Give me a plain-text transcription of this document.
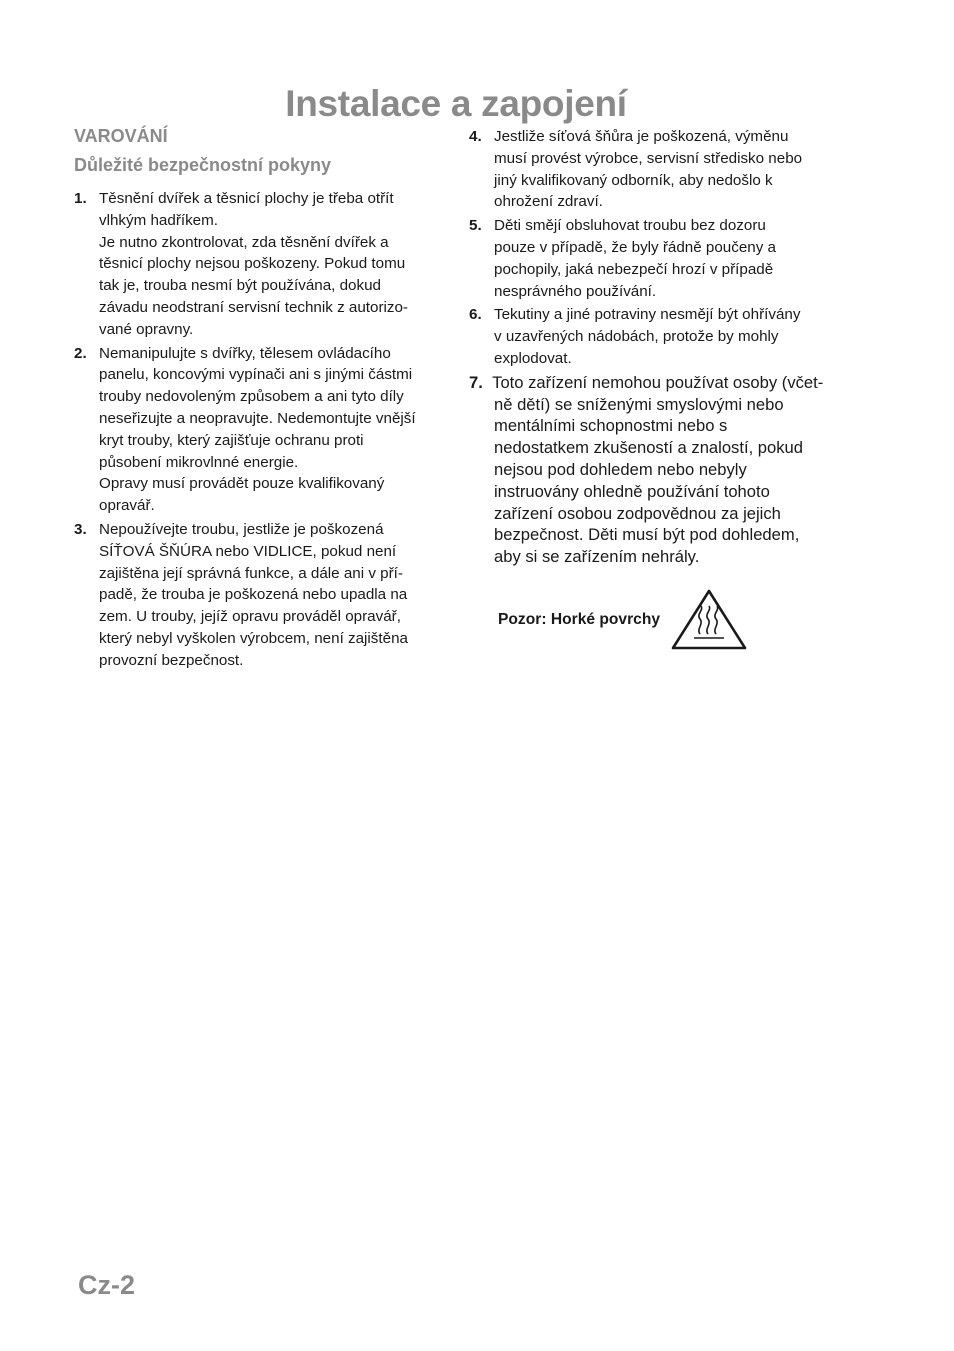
Instalace a zapojení
VAROVÁNÍ
Důležité bezpečnostní pokyny
1. Těsnění dvířek a těsnicí plochy je třeba otřít
vlhkým hadříkem.
Je nutno zkontrolovat, zda těsnění dvířek a
těsnicí plochy nejsou poškozeny. Pokud tomu
tak je, trouba nesmí být používána, dokud
závadu neodstraní servisní technik z autorizo-
vané opravny.
2. Nemanipulujte s dvířky, tělesem ovládacího
panelu, koncovými vypínači ani s jinými částmi
trouby nedovoleným způsobem a ani tyto díly
neseřizujte a neopravujte. Nedemontujte vnější
kryt trouby, který zajišťuje ochranu proti
působení mikrovlnné energie.
Opravy musí provádět pouze kvalifikovaný
opravář.
3. Nepoužívejte troubu, jestliže je poškozená
SÍŤOVÁ ŠŇÚRA nebo VIDLICE, pokud není
zajištěna její správná funkce, a dále ani v pří-
padě, že trouba je poškozená nebo upadla na
zem. U trouby, jejíž opravu prováděl opravář,
který nebyl vyškolen výrobcem, není zajištěna
provozní bezpečnost.
4. Jestliže síťová šňůra je poškozená, výměnu
musí provést výrobce, servisní středisko nebo
jiný kvalifikovaný odborník, aby nedošlo k
ohrožení zdraví.
5. Děti smějí obsluhovat troubu bez dozoru
pouze v případě, že byly řádně poučeny a
pochopily, jaká nebezpečí hrozí v případě
nesprávného používání.
6. Tekutiny a jiné potraviny nesmějí být ohřívány
v uzavřených nádobách, protože by mohly
explodovat.
7. Toto zařízení nemohou používat osoby (včet-
ně dětí) se sníženými smyslovými nebo
mentálními schopnostmi nebo s
nedostatkem zkušeností a znalostí, pokud
nejsou pod dohledem nebo nebyly
instruovány ohledně používání tohoto
zařízení osobou zodpovědnou za jejich
bezpečnost. Děti musí být pod dohledem,
aby si se zařízením nehrály.
Pozor: Horké povrchy
Cz-2
